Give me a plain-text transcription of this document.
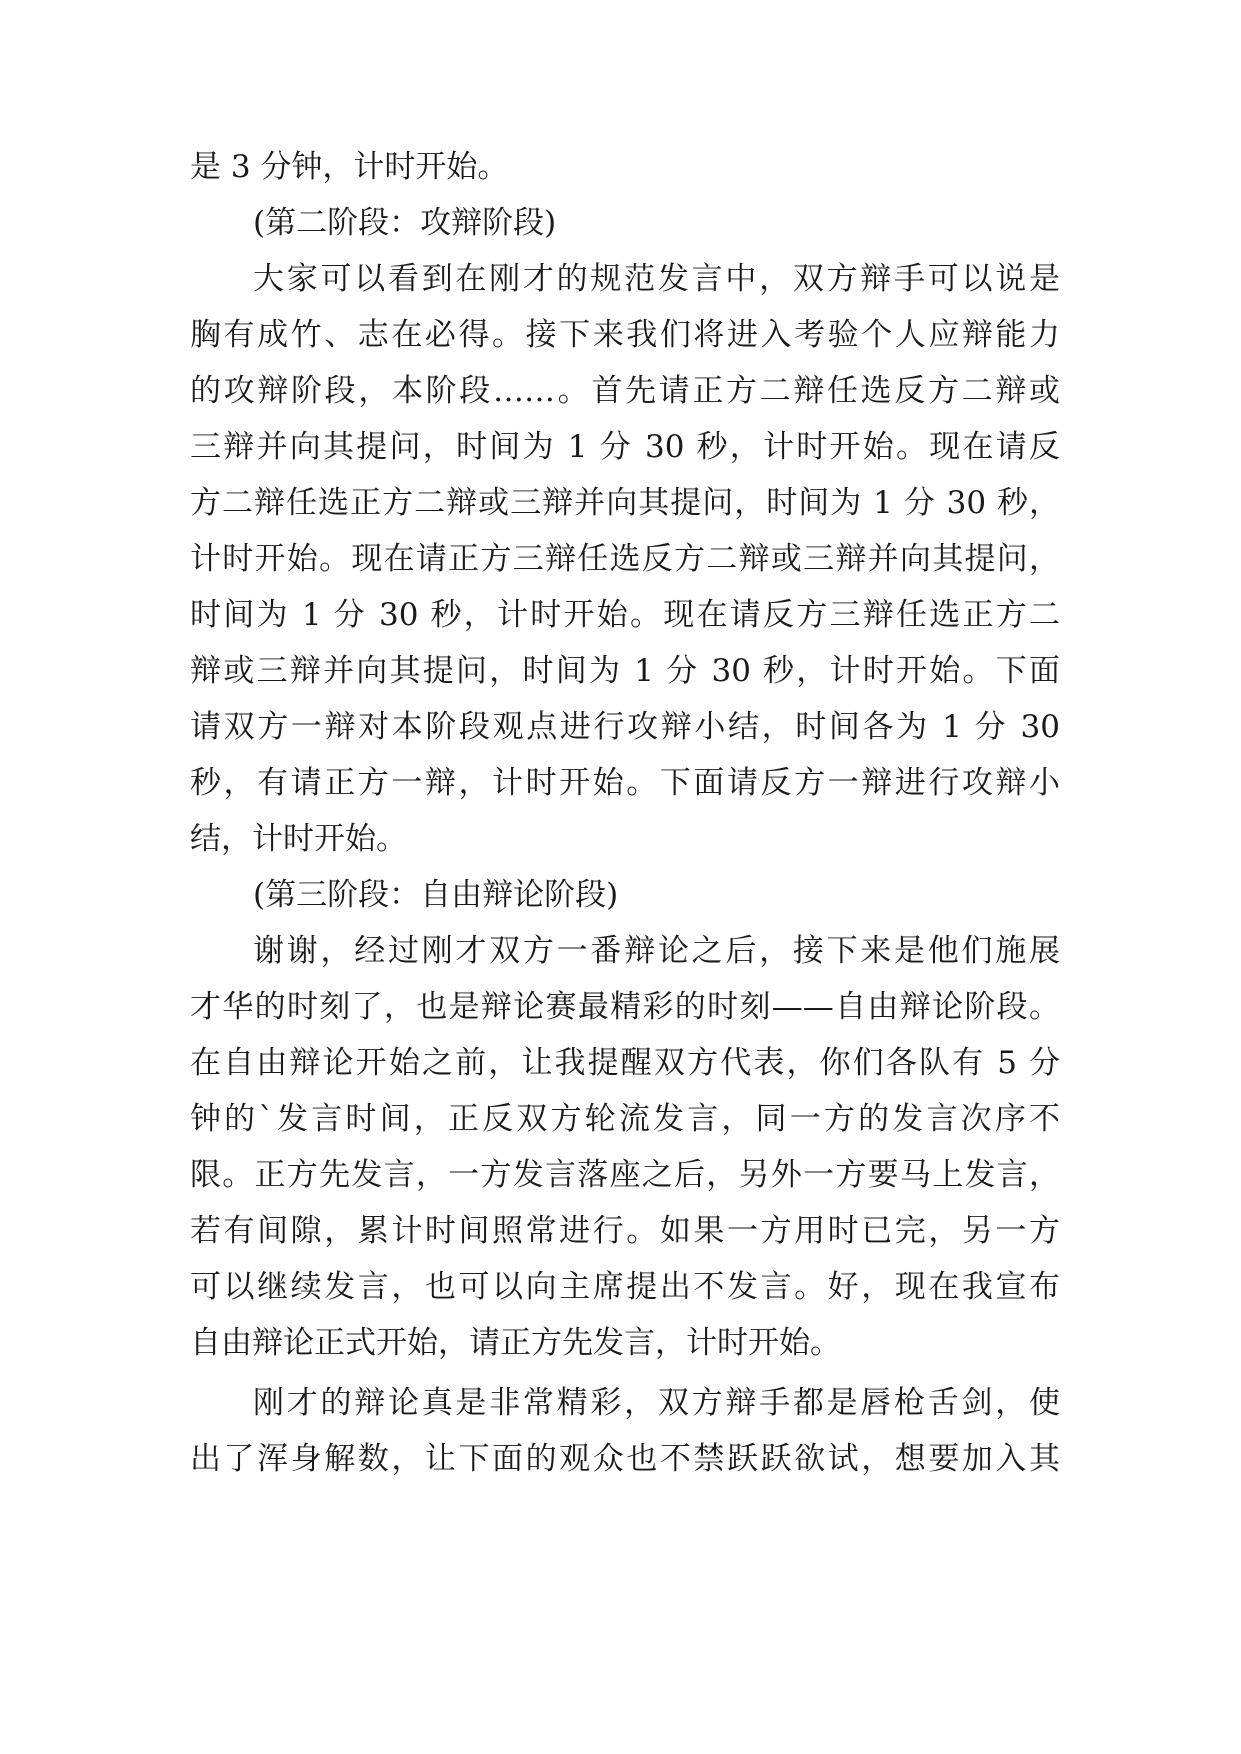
是 3 分钟，计时开始。
(第二阶段：攻辩阶段)
大家可以看到在刚才的规范发言中，双方辩手可以说是
胸有成竹、志在必得。接下来我们将进入考验个人应辩能力
的攻辩阶段，本阶段……。首先请正方二辩任选反方二辩或
三辩并向其提问，时间为 1 分 30 秒，计时开始。现在请反
方二辩任选正方二辩或三辩并向其提问，时间为 1 分 30 秒，
计时开始。现在请正方三辩任选反方二辩或三辩并向其提问，
时间为 1 分 30 秒，计时开始。现在请反方三辩任选正方二
辩或三辩并向其提问，时间为 1 分 30 秒，计时开始。下面
请双方一辩对本阶段观点进行攻辩小结，时间各为 1 分 30
秒，有请正方一辩，计时开始。下面请反方一辩进行攻辩小
结，计时开始。
(第三阶段：自由辩论阶段)
谢谢，经过刚才双方一番辩论之后，接下来是他们施展
才华的时刻了，也是辩论赛最精彩的时刻——自由辩论阶段。
在自由辩论开始之前，让我提醒双方代表，你们各队有 5 分
钟的`发言时间，正反双方轮流发言，同一方的发言次序不
限。正方先发言，一方发言落座之后，另外一方要马上发言，
若有间隙，累计时间照常进行。如果一方用时已完，另一方
可以继续发言，也可以向主席提出不发言。好，现在我宣布
自由辩论正式开始，请正方先发言，计时开始。
刚才的辩论真是非常精彩，双方辩手都是唇枪舌剑，使
出了浑身解数，让下面的观众也不禁跃跃欲试，想要加入其
